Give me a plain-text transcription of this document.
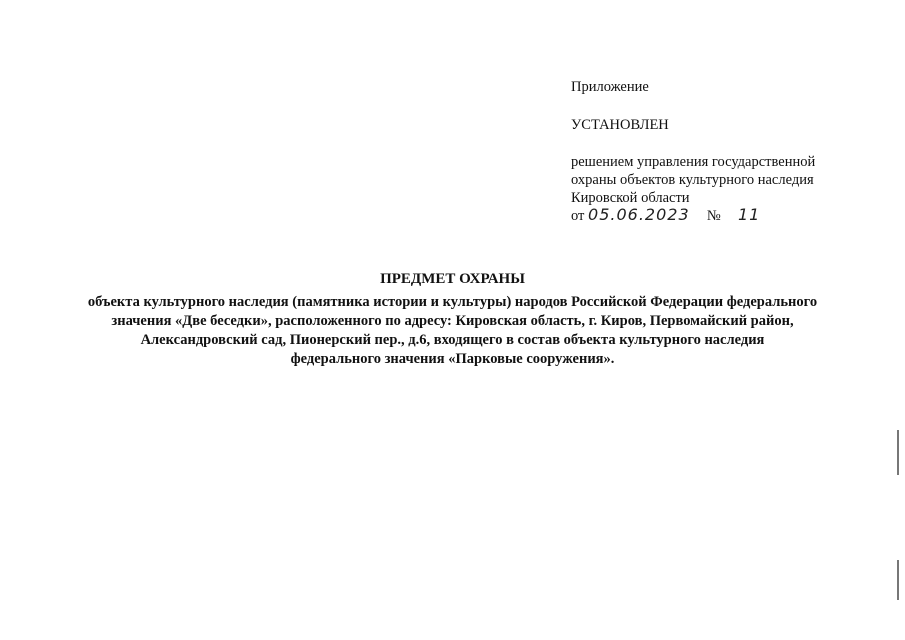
Приложение
УСТАНОВЛЕН
решением управления государственной
охраны объектов культурного наследия
Кировской области
от 05.06.2023 № 11
ПРЕДМЕТ ОХРАНЫ
объекта культурного наследия (памятника истории и культуры) народов Российской Федерации федерального
значения «Две беседки», расположенного по адресу: Кировская область, г. Киров, Первомайский район,
Александровский сад, Пионерский пер., д.6, входящего в состав объекта культурного наследия
федерального значения «Парковые сооружения».
